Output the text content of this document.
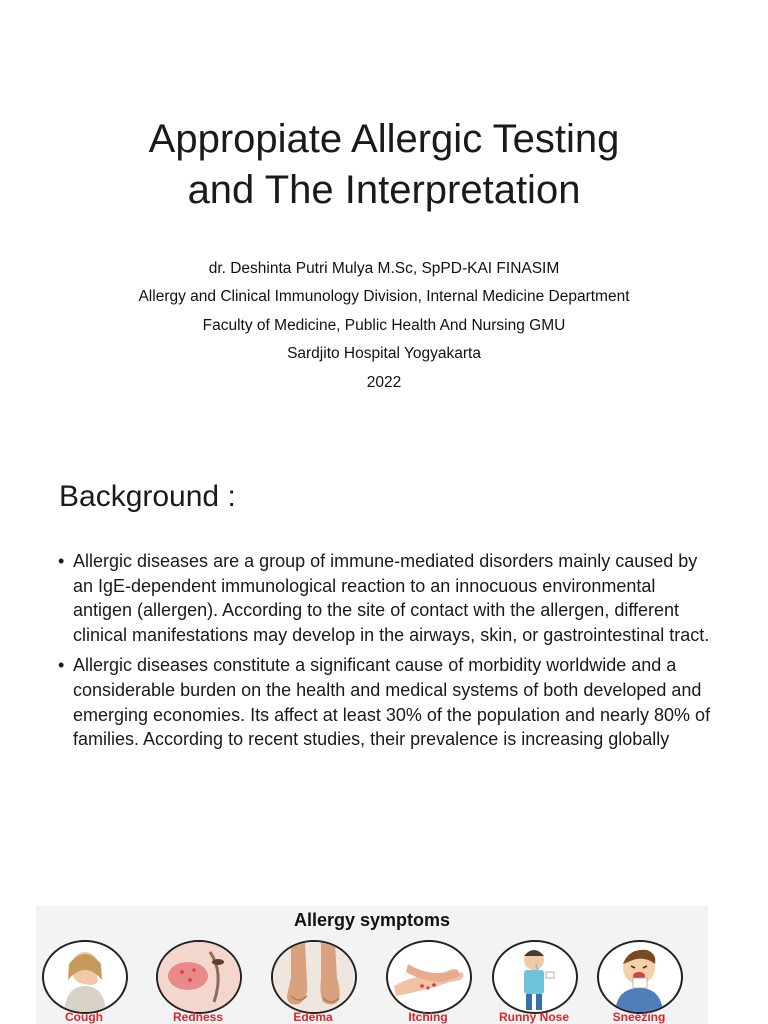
Appropiate Allergic Testing
and The Interpretation
dr. Deshinta Putri Mulya M.Sc, SpPD-KAI FINASIM
Allergy and Clinical Immunology Division, Internal Medicine Department
Faculty of Medicine, Public Health And Nursing GMU
Sardjito Hospital Yogyakarta
2022
Background :
• Allergic diseases are a group of immune-mediated disorders mainly caused by an IgE-dependent immunological reaction to an innocuous environmental antigen (allergen). According to the site of contact with the allergen, different clinical manifestations may develop in the airways, skin, or gastrointestinal tract.
• Allergic diseases constitute a significant cause of morbidity worldwide and a considerable burden on the health and medical systems of both developed and emerging economies. Its affect at least 30% of the population and nearly 80% of families. According to recent studies, their prevalence is increasing globally
Allergy symptoms
Cough	Redness	Edema	Itching	Runny Nose	Sneezing
